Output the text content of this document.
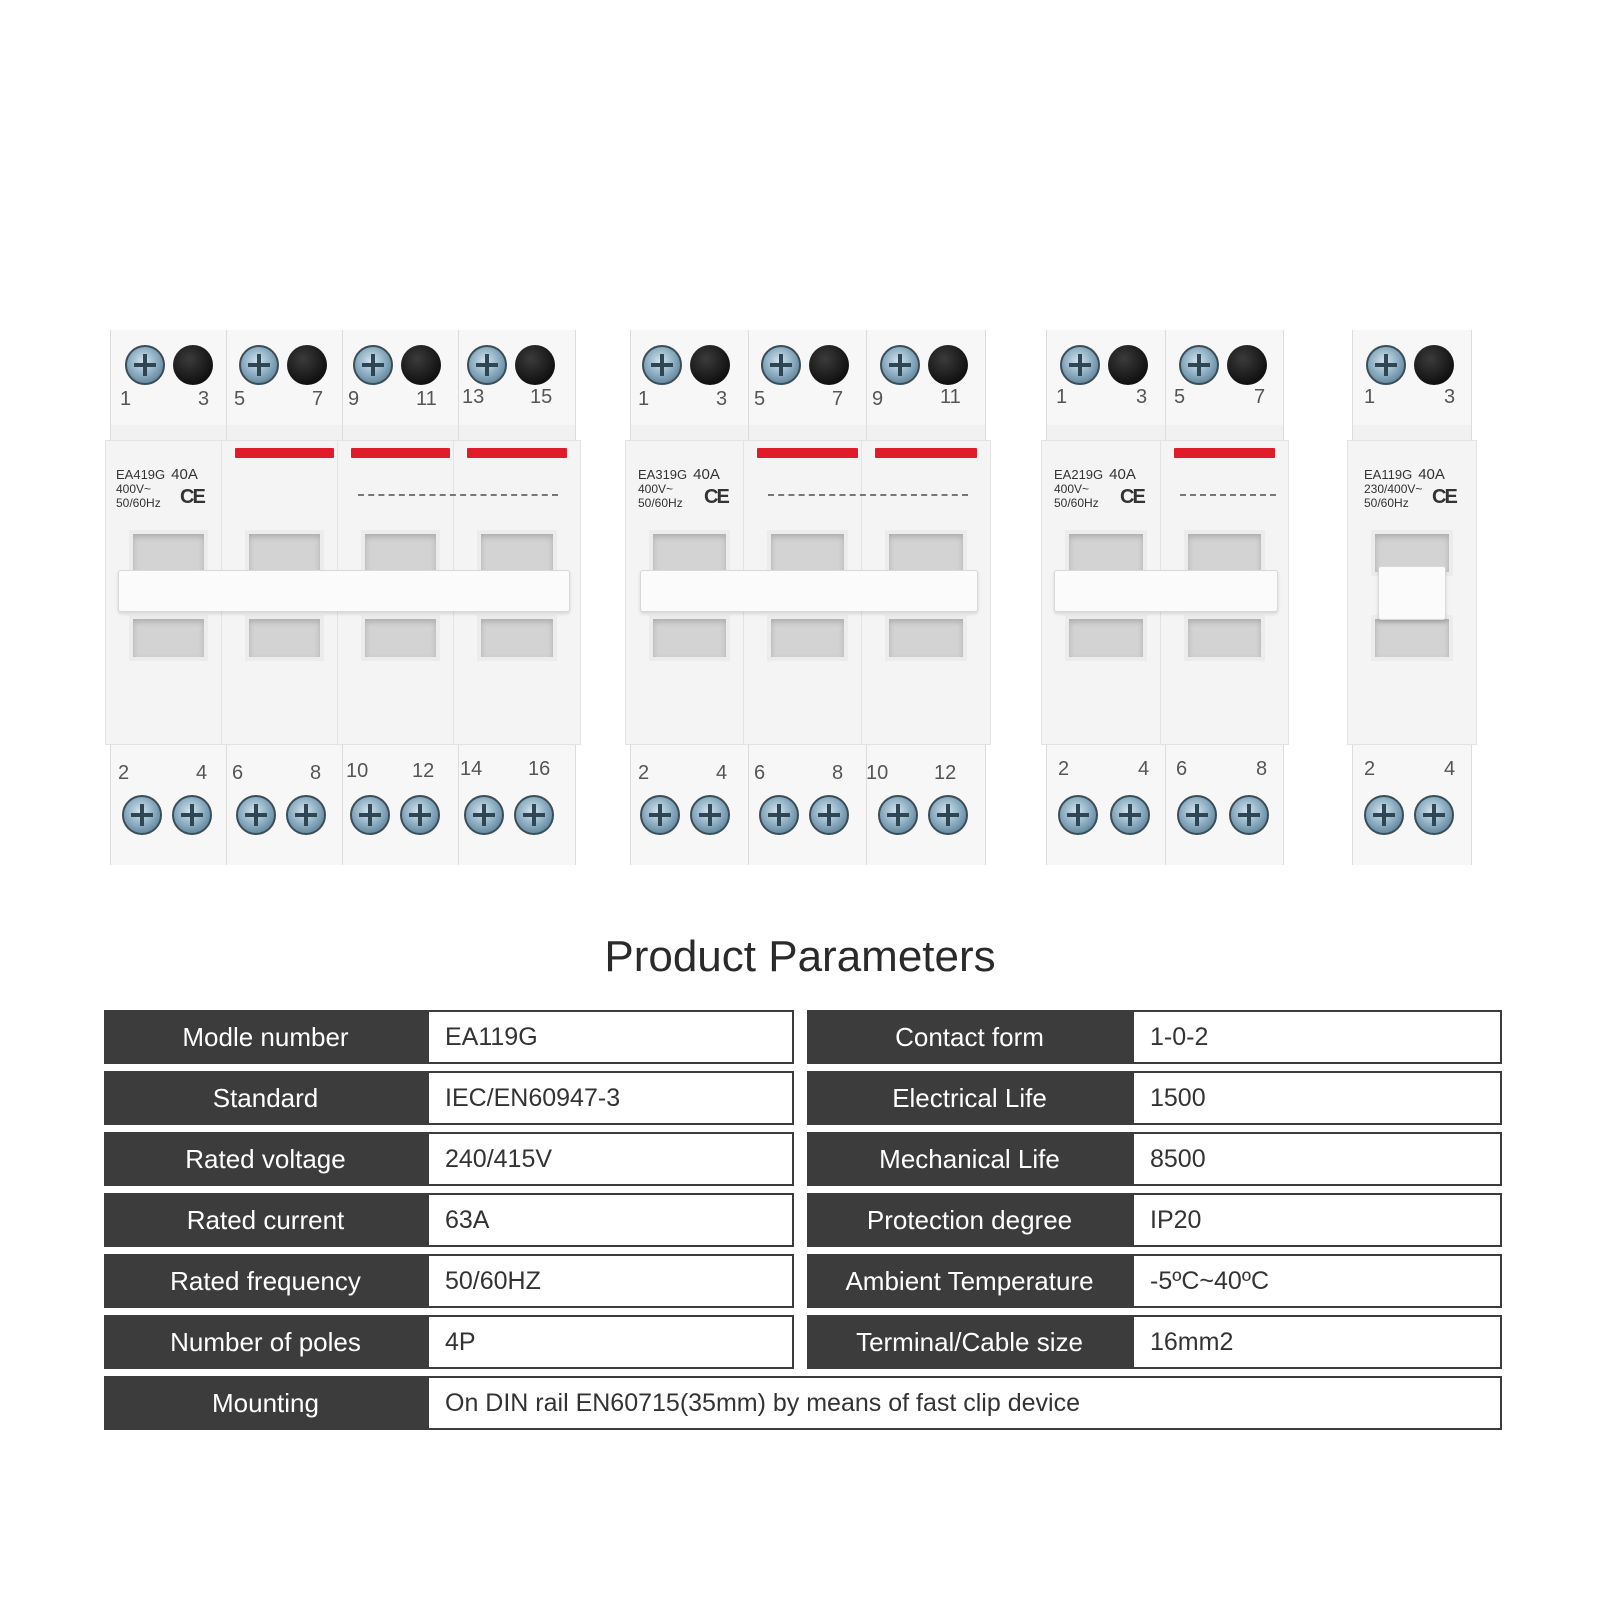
EA419G 40A
400V~
50/60Hz CE
1	3 5	7 9	11 13 15
2	4 6	8 10 12 14 16
EA319G 40A
400V~
50/60Hz	CE
1	3 5	7 9	11
2	4 6	8 10 12
EA219G 40A
400V~
50/60Hz	CE
1	3 5	7
2	4 6	8
EA119G 40A
230/400V~
50/60Hz	CE
1	3
2	4
Product Parameters
Modle number	EA119G	Contact form	1-0-2
Standard	IEC/EN60947-3	Electrical Life	1500
Rated voltage	240/415V	Mechanical Life	8500
Rated current	63A	Protection degree	IP20
Rated frequency	50/60HZ	Ambient Temperature	-5ºC~40ºC
Number of poles	4P	Terminal/Cable size	16mm2
Mounting	On DIN rail EN60715(35mm) by means of fast clip device
